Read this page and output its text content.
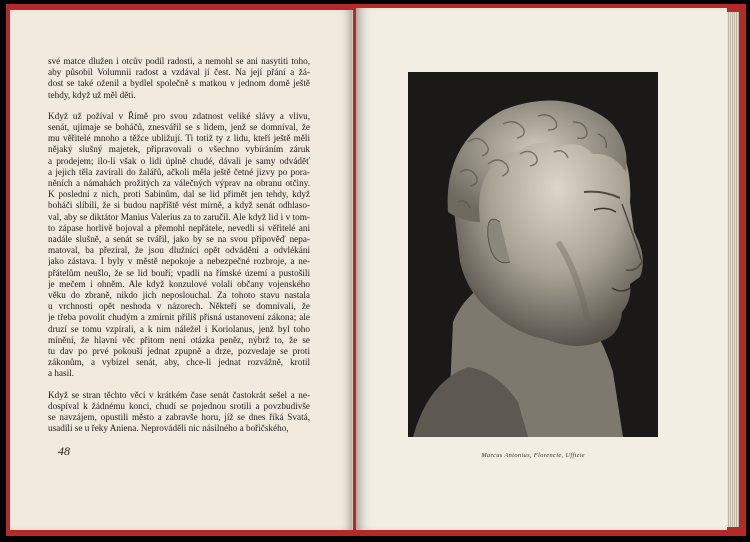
své matce dlužen i otcův podíl radosti, a nemohl se ani nasytiti toho,
aby působil Volumnii radost a vzdával jí čest. Na její přání a žá-
dost se také oženil a bydlel společně s matkou v jednom domě ještě
tehdy, když už měl děti.
Když už požíval v Římě pro svou zdatnost veliké slávy a vlivu,
senát, ujímaje se boháčů, znesvářil se s lidem, jenž se domníval, že
mu věřitelé mnoho a těžce ubližují. Ti totiž ty z lidu, kteří ještě měli
nějaký slušný majetek, připravovali o všechno vybíráním záruk
a prodejem; ilo-li však o lidi úplně chudé, dávali je samy odváděť
a jejich těla zavírali do žalářů, ačkoli měla ještě četné jizvy po pora-
něních a námahách prožitých za válečných výprav na obranu otčiny.
K poslední z nich, proti Sabinům, dal se lid přimět jen tehdy, když
boháči slíbili, že si budou napříště vést mírně, a když senát odhlaso-
val, aby se diktátor Manius Valerius za to zaručil. Ale když lid i v tom-
to zápase horlivě bojoval a přemohl nepřátele, nevedli si věřitelé ani
nadále slušně, a senát se tvářil, jako by se na svou připověď nepa-
matoval, ba přezíral, že jsou dlužníci opět odváděni a odvlékáni
jako zástava. I byly v městě nepokoje a nebezpečné rozbroje, a ne-
přátelům neušlo, že se lid bouří; vpadli na římské území a pustošili
je mečem i ohněm. Ale když konzulové volali občany vojenského
věku do zbraně, nikdo jich neposlouchal. Za tohoto stavu nastala
u vrchnosti opět neshoda v názorech. Někteří se domnívali, že
je třeba povolit chudým a zmírnit příliš přísná ustanovení zákona; ale
druzí se tomu vzpírali, a k nim náležel i Koriolanus, jenž byl toho
mínění, že hlavní věc přitom není otázka peněz, nýbrž to, že se
tu dav po prvé pokouší jednat zpupně a drze, pozvedaje se proti
zákonům, a vybízel senát, aby, chce-li jednat rozvážně, krotil
a hasil.
Když se stran těchto věcí v krátkém čase senát častokrát sešel a ne-
dospíval k žádnému konci, chudí se pojednou srotili a povzbudivše
se navzájem, opustili město a zabravše horu, jíž se dnes říká Svatá,
usadili se u řeky Aniena. Neprováděli nic násilného a bořičského,
48	Marcus Antonius, Florencie, Uffizie
